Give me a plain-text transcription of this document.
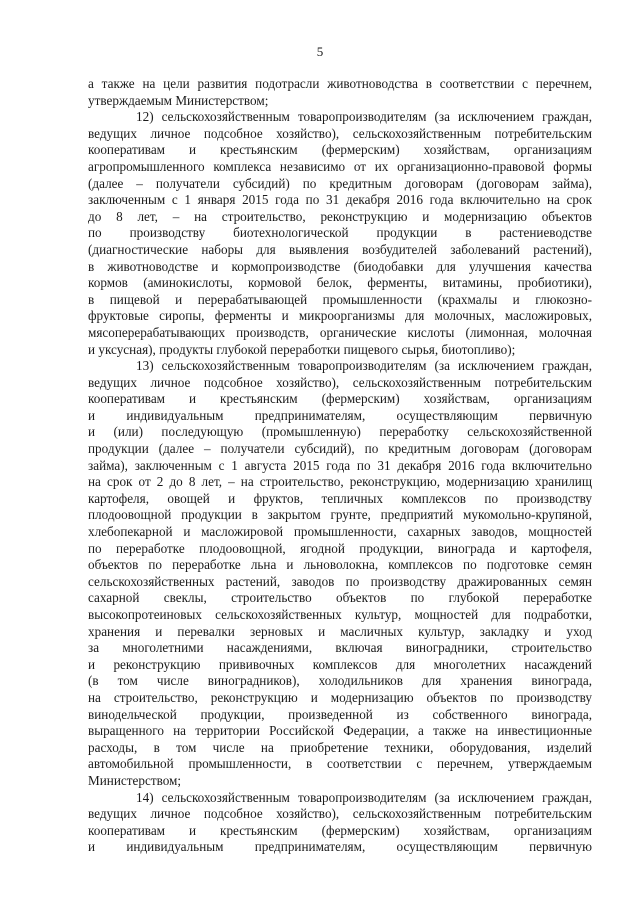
5
а также на цели развития подотрасли животноводства в соответствии с перечнем,
утверждаемым Министерством;
12) сельскохозяйственным товаропроизводителям (за исключением граждан,
ведущих личное подсобное хозяйство), сельскохозяйственным потребительским
кооперативам и крестьянским (фермерским) хозяйствам, организациям
агропромышленного комплекса независимо от их организационно-правовой формы
(далее – получатели субсидий) по кредитным договорам (договорам займа),
заключенным с 1 января 2015 года по 31 декабря 2016 года включительно на срок
до 8 лет, – на строительство, реконструкцию и модернизацию объектов
по производству биотехнологической продукции в растениеводстве
(диагностические наборы для выявления возбудителей заболеваний растений),
в животноводстве и кормопроизводстве (биодобавки для улучшения качества
кормов (аминокислоты, кормовой белок, ферменты, витамины, пробиотики),
в пищевой и перерабатывающей промышленности (крахмалы и глюкозно-
фруктовые сиропы, ферменты и микроорганизмы для молочных, масложировых,
мясоперерабатывающих производств, органические кислоты (лимонная, молочная
и уксусная), продукты глубокой переработки пищевого сырья, биотопливо);
13) сельскохозяйственным товаропроизводителям (за исключением граждан,
ведущих личное подсобное хозяйство), сельскохозяйственным потребительским
кооперативам и крестьянским (фермерским) хозяйствам, организациям
и индивидуальным предпринимателям, осуществляющим первичную
и (или) последующую (промышленную) переработку сельскохозяйственной
продукции (далее – получатели субсидий), по кредитным договорам (договорам
займа), заключенным с 1 августа 2015 года по 31 декабря 2016 года включительно
на срок от 2 до 8 лет, – на строительство, реконструкцию, модернизацию хранилищ
картофеля, овощей и фруктов, тепличных комплексов по производству
плодоовощной продукции в закрытом грунте, предприятий мукомольно-крупяной,
хлебопекарной и масложировой промышленности, сахарных заводов, мощностей
по переработке плодоовощной, ягодной продукции, винограда и картофеля,
объектов по переработке льна и льноволокна, комплексов по подготовке семян
сельскохозяйственных растений, заводов по производству дражированных семян
сахарной свеклы, строительство объектов по глубокой переработке
высокопротеиновых сельскохозяйственных культур, мощностей для подработки,
хранения и перевалки зерновых и масличных культур, закладку и уход
за многолетними насаждениями, включая виноградники, строительство
и реконструкцию прививочных комплексов для многолетних насаждений
(в том числе виноградников), холодильников для хранения винограда,
на строительство, реконструкцию и модернизацию объектов по производству
винодельческой продукции, произведенной из собственного винограда,
выращенного на территории Российской Федерации, а также на инвестиционные
расходы, в том числе на приобретение техники, оборудования, изделий
автомобильной промышленности, в соответствии с перечнем, утверждаемым
Министерством;
14) сельскохозяйственным товаропроизводителям (за исключением граждан,
ведущих личное подсобное хозяйство), сельскохозяйственным потребительским
кооперативам и крестьянским (фермерским) хозяйствам, организациям
и индивидуальным предпринимателям, осуществляющим первичную
